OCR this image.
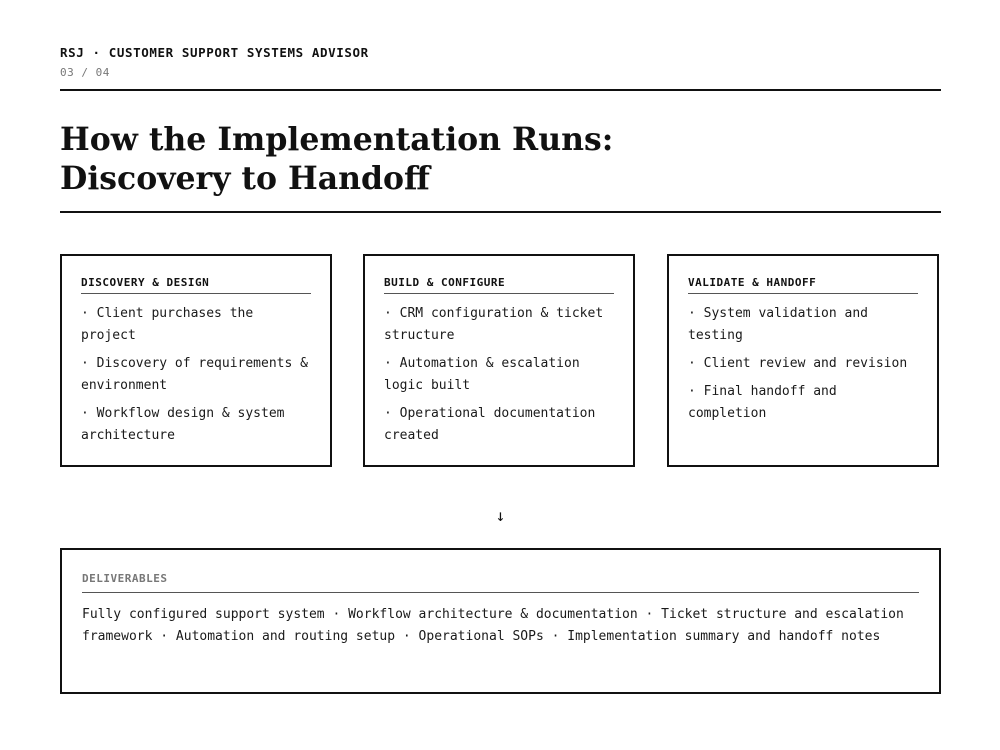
RSJ · CUSTOMER SUPPORT SYSTEMS ADVISOR
03 / 04
How the Implementation Runs:
Discovery to Handoff
DISCOVERY & DESIGN
· Client purchases the project
· Discovery of requirements & environment
· Workflow design & system architecture
BUILD & CONFIGURE
· CRM configuration & ticket structure
· Automation & escalation logic built
· Operational documentation created
VALIDATE & HANDOFF
· System validation and testing
· Client review and revision
· Final handoff and completion
↓
DELIVERABLES
Fully configured support system · Workflow architecture & documentation · Ticket structure and escalation framework · Automation and routing setup · Operational SOPs · Implementation summary and handoff notes
